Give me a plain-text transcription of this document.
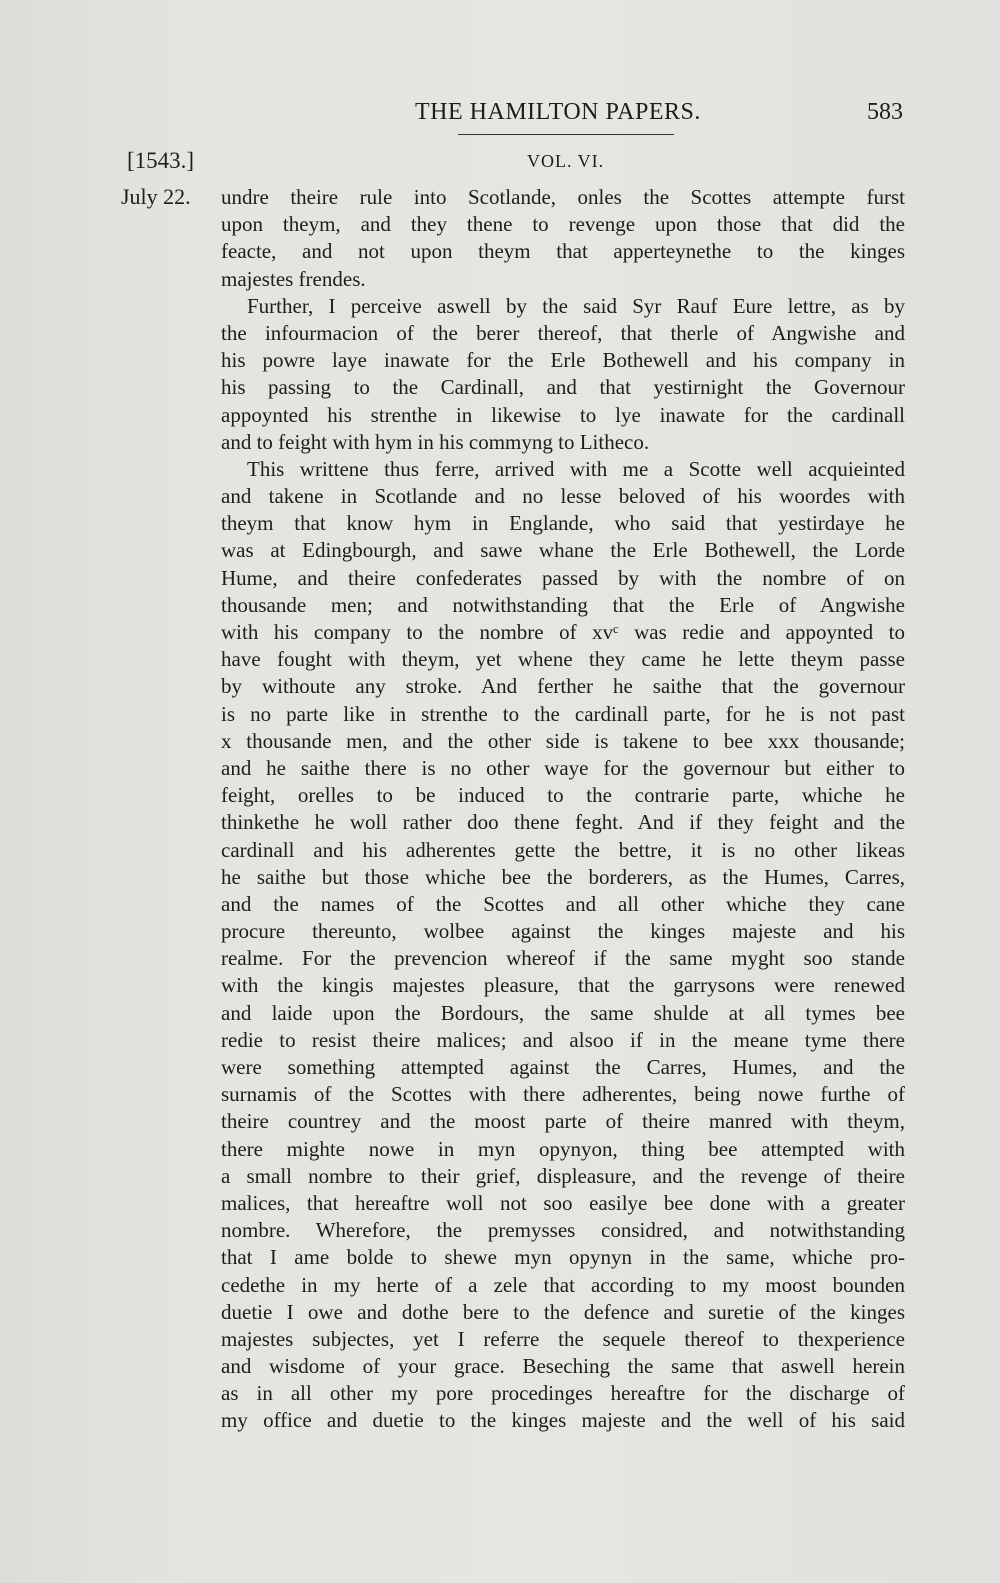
THE HAMILTON PAPERS.	583
[1543.]	VOL. VI.
July 22. undre theire rule into Scotlande, onles the Scottes attempte furst
upon theym, and they thene to revenge upon those that did the
feacte, and not upon theym that apperteynethe to the kinges
majestes frendes.
Further, I perceive aswell by the said Syr Rauf Eure lettre, as by
the infourmacion of the berer thereof, that therle of Angwishe and
his powre laye inawate for the Erle Bothewell and his company in
his passing to the Cardinall, and that yestirnight the Governour
appoynted his strenthe in likewise to lye inawate for the cardinall
and to feight with hym in his commyng to Litheco.
This writtene thus ferre, arrived with me a Scotte well acquieinted
and takene in Scotlande and no lesse beloved of his woordes with
theym that know hym in Englande, who said that yestirdaye he
was at Edingbourgh, and sawe whane the Erle Bothewell, the Lorde
Hume, and theire confederates passed by with the nombre of on
thousande men; and notwithstanding that the Erle of Angwishe
with his company to the nombre of xvᶜ was redie and appoynted to
have fought with theym, yet whene they came he lette theym passe
by withoute any stroke. And ferther he saithe that the governour
is no parte like in strenthe to the cardinall parte, for he is not past
x thousande men, and the other side is takene to bee xxx thousande;
and he saithe there is no other waye for the governour but either to
feight, orelles to be induced to the contrarie parte, whiche he
thinkethe he woll rather doo thene feght. And if they feight and the
cardinall and his adherentes gette the bettre, it is no other likeas
he saithe but those whiche bee the borderers, as the Humes, Carres,
and the names of the Scottes and all other whiche they cane
procure thereunto, wolbee against the kinges majeste and his
realme. For the prevencion whereof if the same myght soo stande
with the kingis majestes pleasure, that the garrysons were renewed
and laide upon the Bordours, the same shulde at all tymes bee
redie to resist theire malices; and alsoo if in the meane tyme there
were something attempted against the Carres, Humes, and the
surnamis of the Scottes with there adherentes, being nowe furthe of
theire countrey and the moost parte of theire manred with theym,
there mighte nowe in myn opynyon, thing bee attempted with
a small nombre to their grief, displeasure, and the revenge of theire
malices, that hereaftre woll not soo easilye bee done with a greater
nombre. Wherefore, the premysses considred, and notwithstanding
that I ame bolde to shewe myn opynyn in the same, whiche pro-
cedethe in my herte of a zele that according to my moost bounden
duetie I owe and dothe bere to the defence and suretie of the kinges
majestes subjectes, yet I referre the sequele thereof to thexperience
and wisdome of your grace. Beseching the same that aswell herein
as in all other my pore procedinges hereaftre for the discharge of
my office and duetie to the kinges majeste and the well of his said
